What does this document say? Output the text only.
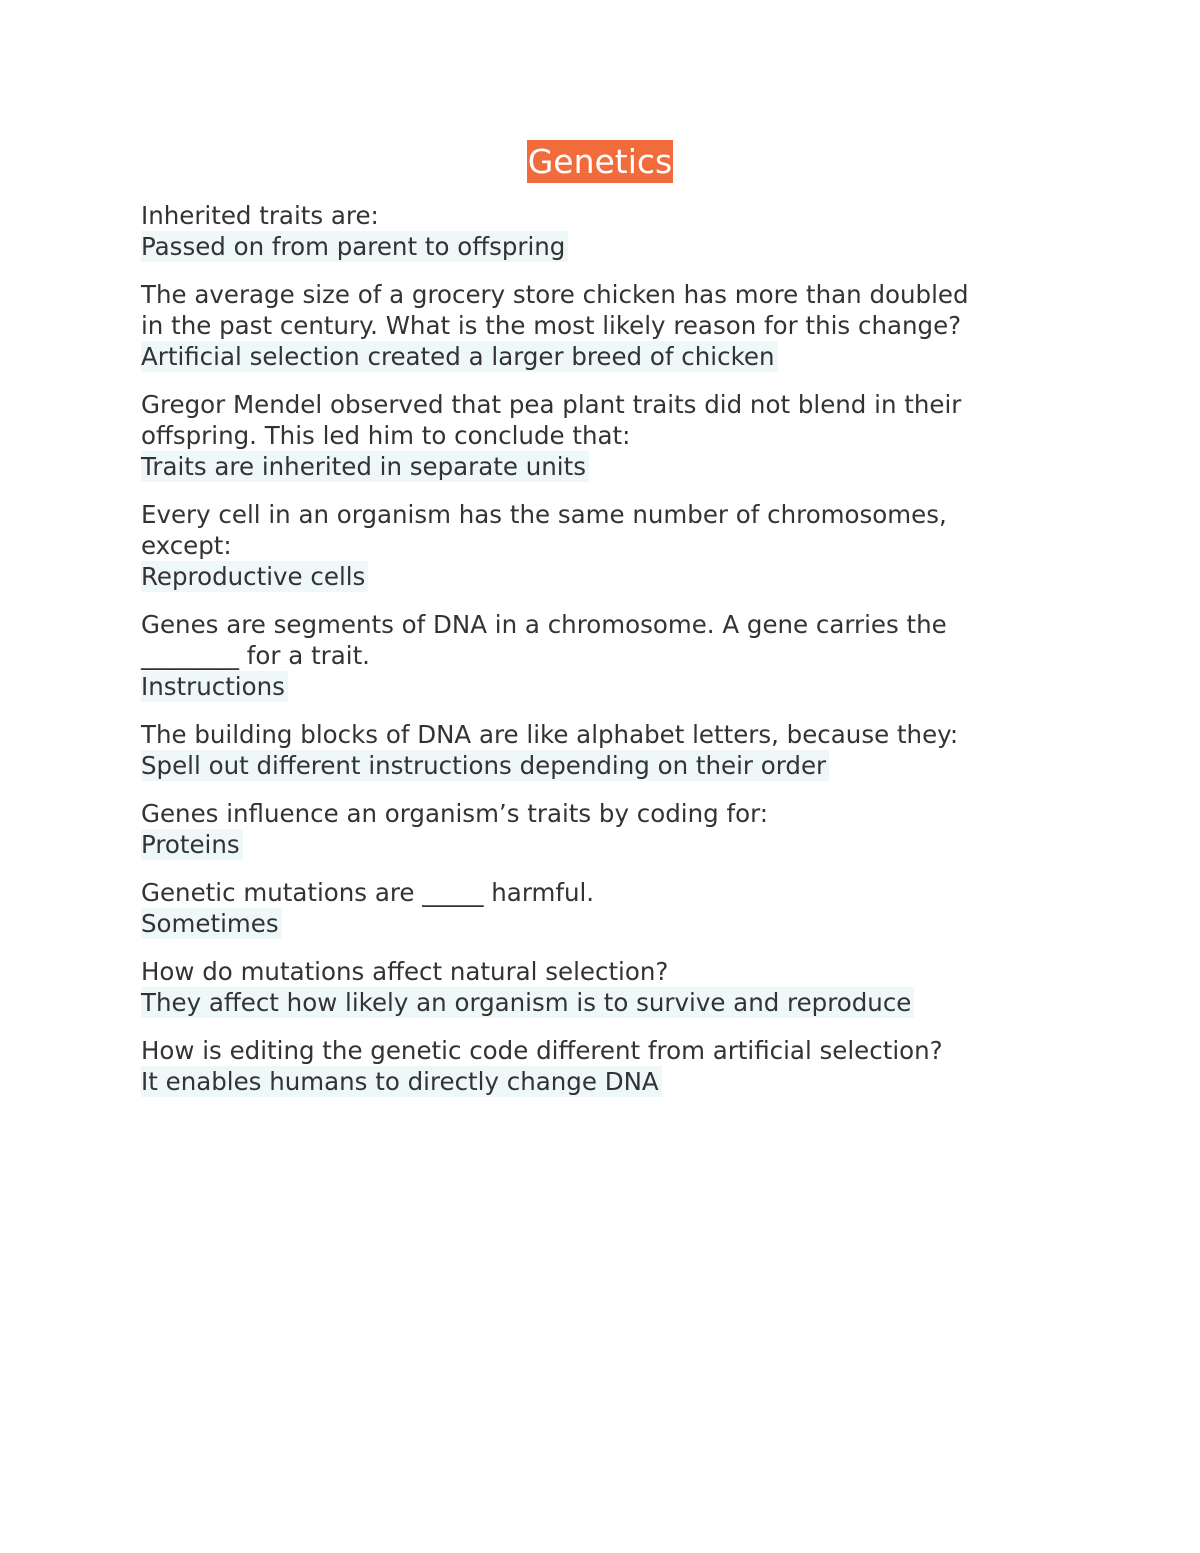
Genetics
Inherited traits are:
Passed on from parent to offspring
The average size of a grocery store chicken has more than doubled
in the past century. What is the most likely reason for this change?
Artificial selection created a larger breed of chicken
Gregor Mendel observed that pea plant traits did not blend in their
offspring. This led him to conclude that:
Traits are inherited in separate units
Every cell in an organism has the same number of chromosomes,
except:
Reproductive cells
Genes are segments of DNA in a chromosome. A gene carries the
________ for a trait.
Instructions
The building blocks of DNA are like alphabet letters, because they:
Spell out different instructions depending on their order
Genes influence an organism’s traits by coding for:
Proteins
Genetic mutations are _____ harmful.
Sometimes
How do mutations affect natural selection?
They affect how likely an organism is to survive and reproduce
How is editing the genetic code different from artificial selection?
It enables humans to directly change DNA
